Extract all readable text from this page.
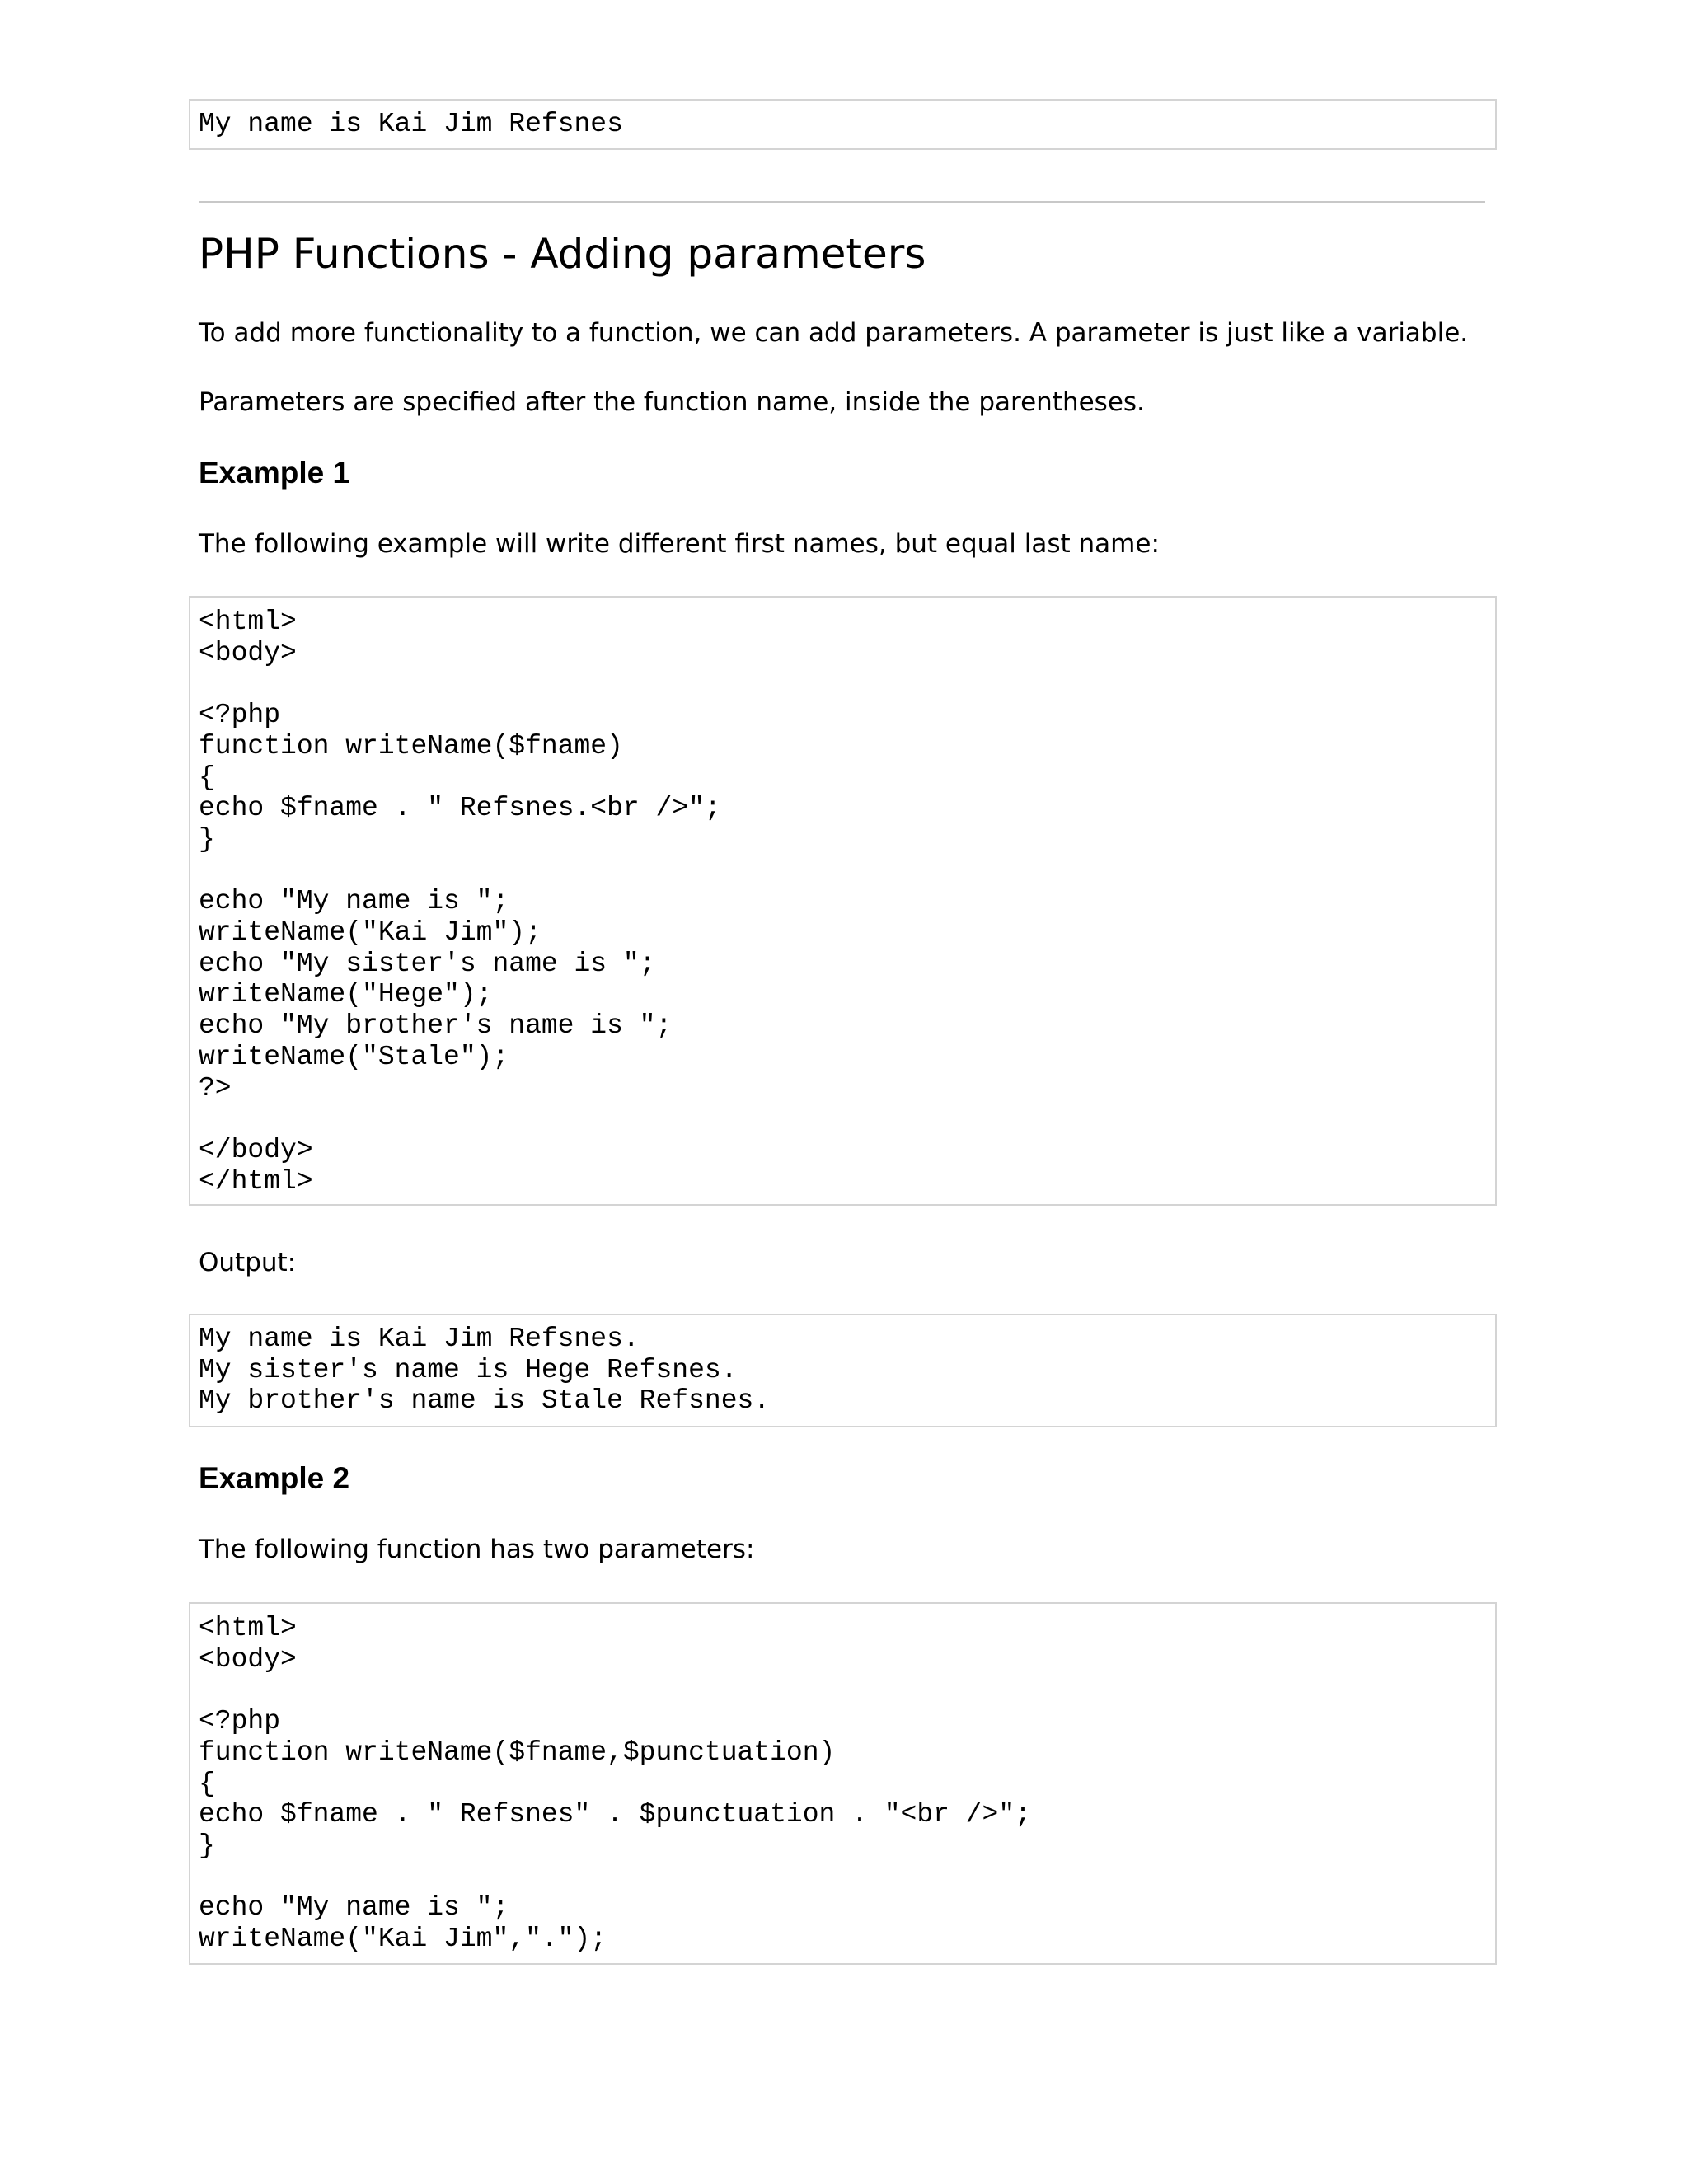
My name is Kai Jim Refsnes
PHP Functions - Adding parameters

To add more functionality to a function, we can add parameters. A parameter is just like a variable.

Parameters are specified after the function name, inside the parentheses.

Example 1

The following example will write different first names, but equal last name:

<html>
<body>

<?php
function writeName($fname)
{
echo $fname . " Refsnes.<br />";
}

echo "My name is ";
writeName("Kai Jim");
echo "My sister's name is ";
writeName("Hege");
echo "My brother's name is ";
writeName("Stale");
?>

</body>
</html>

Output:

My name is Kai Jim Refsnes.
My sister's name is Hege Refsnes.
My brother's name is Stale Refsnes.
Example 2

The following function has two parameters:

<html>
<body>

<?php
function writeName($fname,$punctuation)
{
echo $fname . " Refsnes" . $punctuation . "<br />";
}

echo "My name is ";
writeName("Kai Jim",".");
